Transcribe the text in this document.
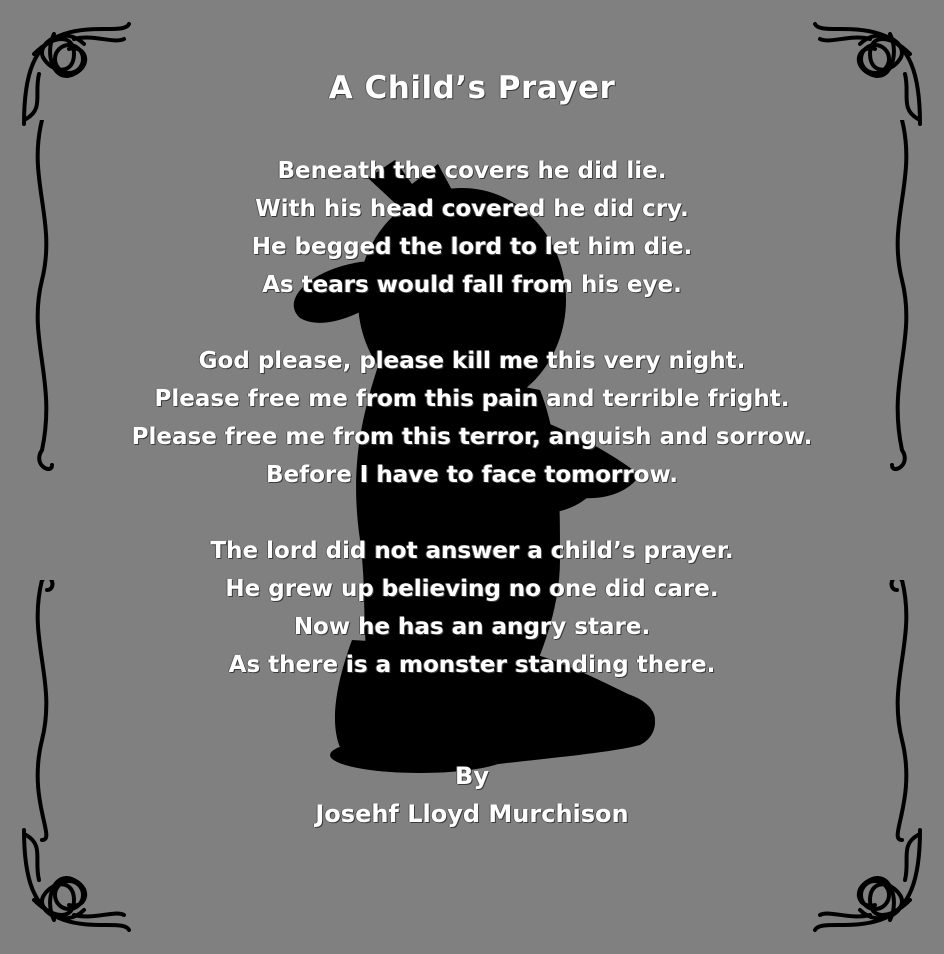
A Child’s Prayer
Beneath the covers he did lie.
With his head covered he did cry.
He begged the lord to let him die.
As tears would fall from his eye.
God please, please kill me this very night.
Please free me from this pain and terrible fright.
Please free me from this terror, anguish and sorrow.
Before I have to face tomorrow.
The lord did not answer a child’s prayer.
He grew up believing no one did care.
Now he has an angry stare.
As there is a monster standing there.
By
Josehf Lloyd Murchison
